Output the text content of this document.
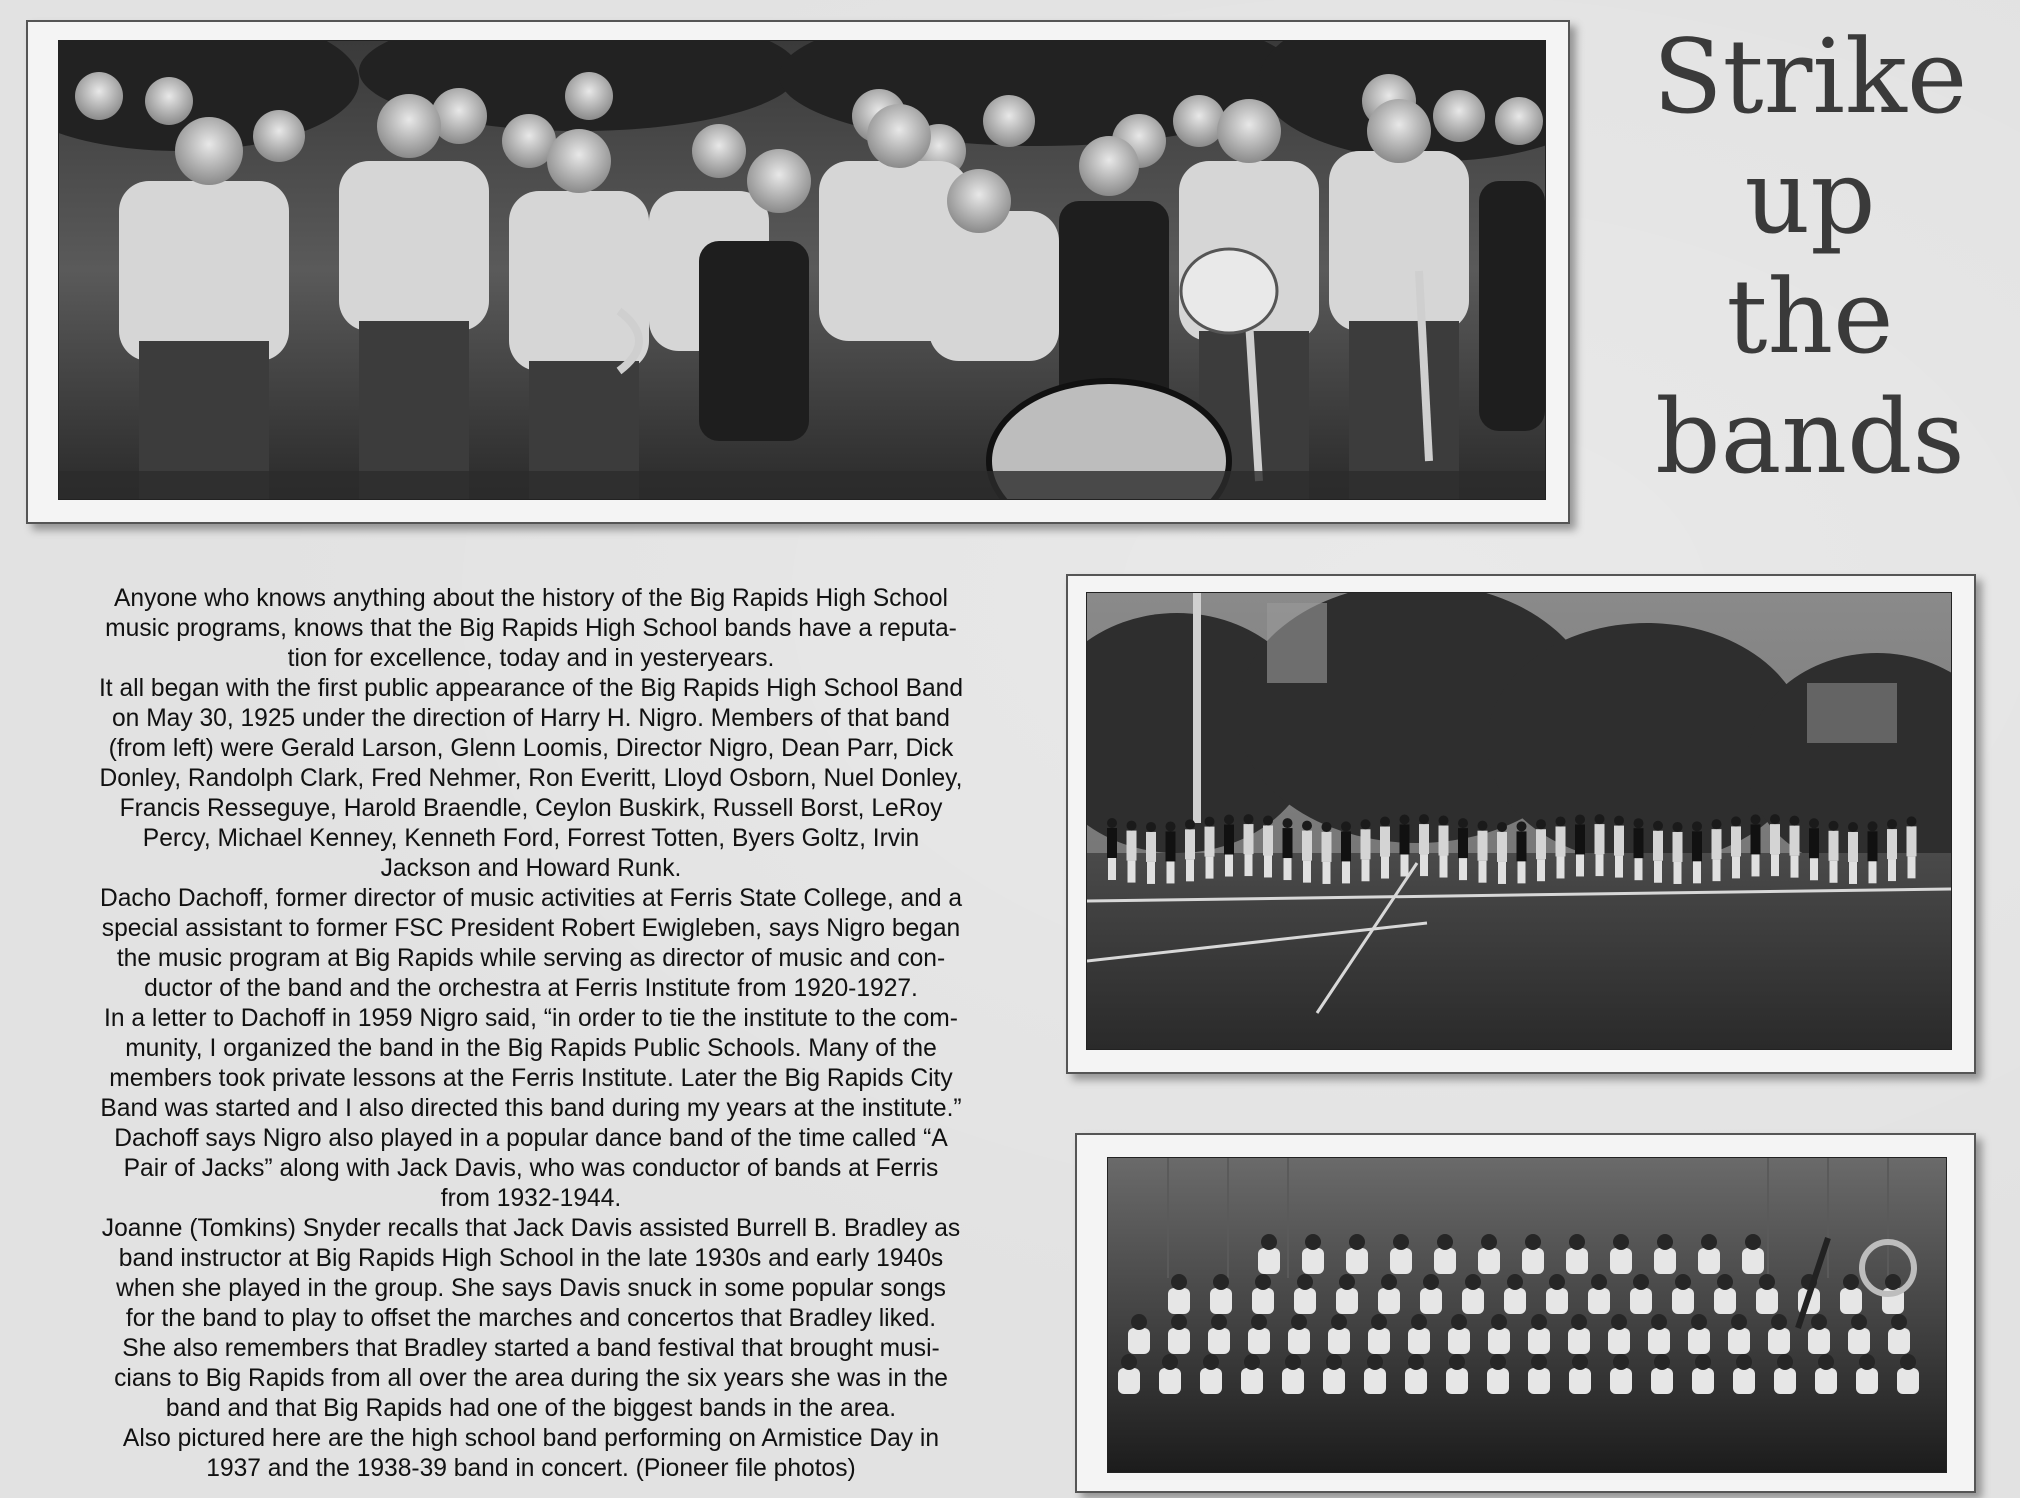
Strike
up
the
bands

Anyone who knows anything about the history of the Big Rapids High School
music programs, knows that the Big Rapids High School bands have a reputa-
tion for excellence, today and in yesteryears.

It all began with the first public appearance of the Big Rapids High School Band
on May 30, 1925 under the direction of Harry H. Nigro. Members of that band
(from left) were Gerald Larson, Glenn Loomis, Director Nigro, Dean Parr, Dick
Donley, Randolph Clark, Fred Nehmer, Ron Everitt, Lloyd Osborn, Nuel Donley,
Francis Resseguye, Harold Braendle, Ceylon Buskirk, Russell Borst, LeRoy
Percy, Michael Kenney, Kenneth Ford, Forrest Totten, Byers Goltz, Irvin
Jackson and Howard Runk.

Dacho Dachoff, former director of music activities at Ferris State College, and a
special assistant to former FSC President Robert Ewigleben, says Nigro began
the music program at Big Rapids while serving as director of music and con-
ductor of the band and the orchestra at Ferris Institute from 1920-1927.

In a letter to Dachoff in 1959 Nigro said, “in order to tie the institute to the com-
munity, I organized the band in the Big Rapids Public Schools. Many of the
members took private lessons at the Ferris Institute. Later the Big Rapids City
Band was started and I also directed this band during my years at the institute.”

Dachoff says Nigro also played in a popular dance band of the time called “A
Pair of Jacks” along with Jack Davis, who was conductor of bands at Ferris
from 1932-1944.

Joanne (Tomkins) Snyder recalls that Jack Davis assisted Burrell B. Bradley as
band instructor at Big Rapids High School in the late 1930s and early 1940s
when she played in the group. She says Davis snuck in some popular songs
for the band to play to offset the marches and concertos that Bradley liked.
She also remembers that Bradley started a band festival that brought musi-
cians to Big Rapids from all over the area during the six years she was in the
band and that Big Rapids had one of the biggest bands in the area.

Also pictured here are the high school band performing on Armistice Day in
1937 and the 1938-39 band in concert. (Pioneer file photos)
